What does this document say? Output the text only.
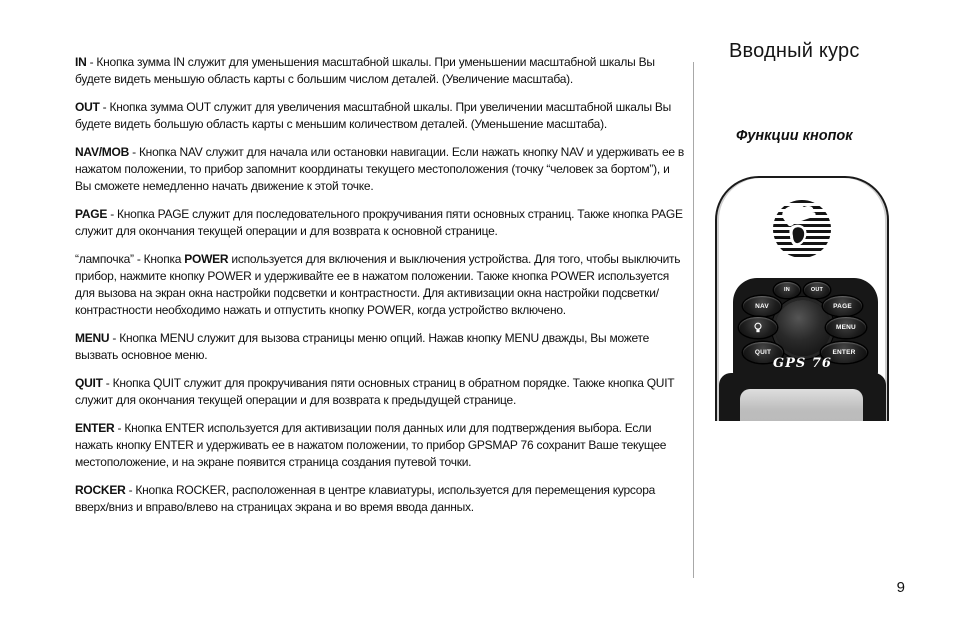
IN - Кнопка зумма IN служит для уменьшения масштабной шкалы. При уменьшении масштабной шкалы Вы будете видеть меньшую область карты с большим числом деталей. (Увеличение масштаба).

OUT - Кнопка зумма OUT служит для увеличения масштабной шкалы. При увеличении масштабной шкалы Вы будете видеть большую область карты с меньшим количеством деталей. (Уменьшение масштаба).

NAV/MOB - Кнопка NAV служит для начала или остановки навигации. Если нажать кнопку NAV и удерживать ее в нажатом положении, то прибор запомнит координаты текущего местоположения (точку “человек за бортом”), и Вы сможете немедленно начать движение к этой точке.

PAGE - Кнопка PAGE служит для последовательного прокручивания пяти основных страниц. Также кнопка PAGE служит для окончания текущей операции и для возврата к основной странице.

“лампочка” - Кнопка POWER используется для включения и выключения устройства. Для того, чтобы выключить прибор, нажмите кнопку POWER и удерживайте ее в нажатом положении. Также кнопка POWER используется для вызова на экран окна настройки подсветки и контрастности. Для активизации окна настройки подсветки/ контрастности необходимо нажать и отпустить кнопку POWER, когда устройство включено.

MENU - Кнопка MENU служит для вызова страницы меню опций. Нажав кнопку MENU дважды, Вы можете вызвать основное меню.

QUIT - Кнопка QUIT служит для прокручивания пяти основных страниц в обратном порядке. Также кнопка QUIT служит для окончания текущей операции и для возврата к предыдущей странице.

ENTER - Кнопка ENTER используется для активизации поля данных или для подтверждения выбора. Если нажать кнопку ENTER и удерживать ее в нажатом положении, то прибор GPSMAP 76 сохранит Ваше текущее местоположение, и на экране появится страница создания путевой точки.

ROCKER - Кнопка ROCKER, расположенная в центре клавиатуры, используется для перемещения курсора вверх/вниз и вправо/влево на страницах экрана и во время ввода данных.

Вводный курс
Функции кнопок
IN	OUT
NAV	PAGE
MENU
QUIT	ENTER
GPS 76
9
